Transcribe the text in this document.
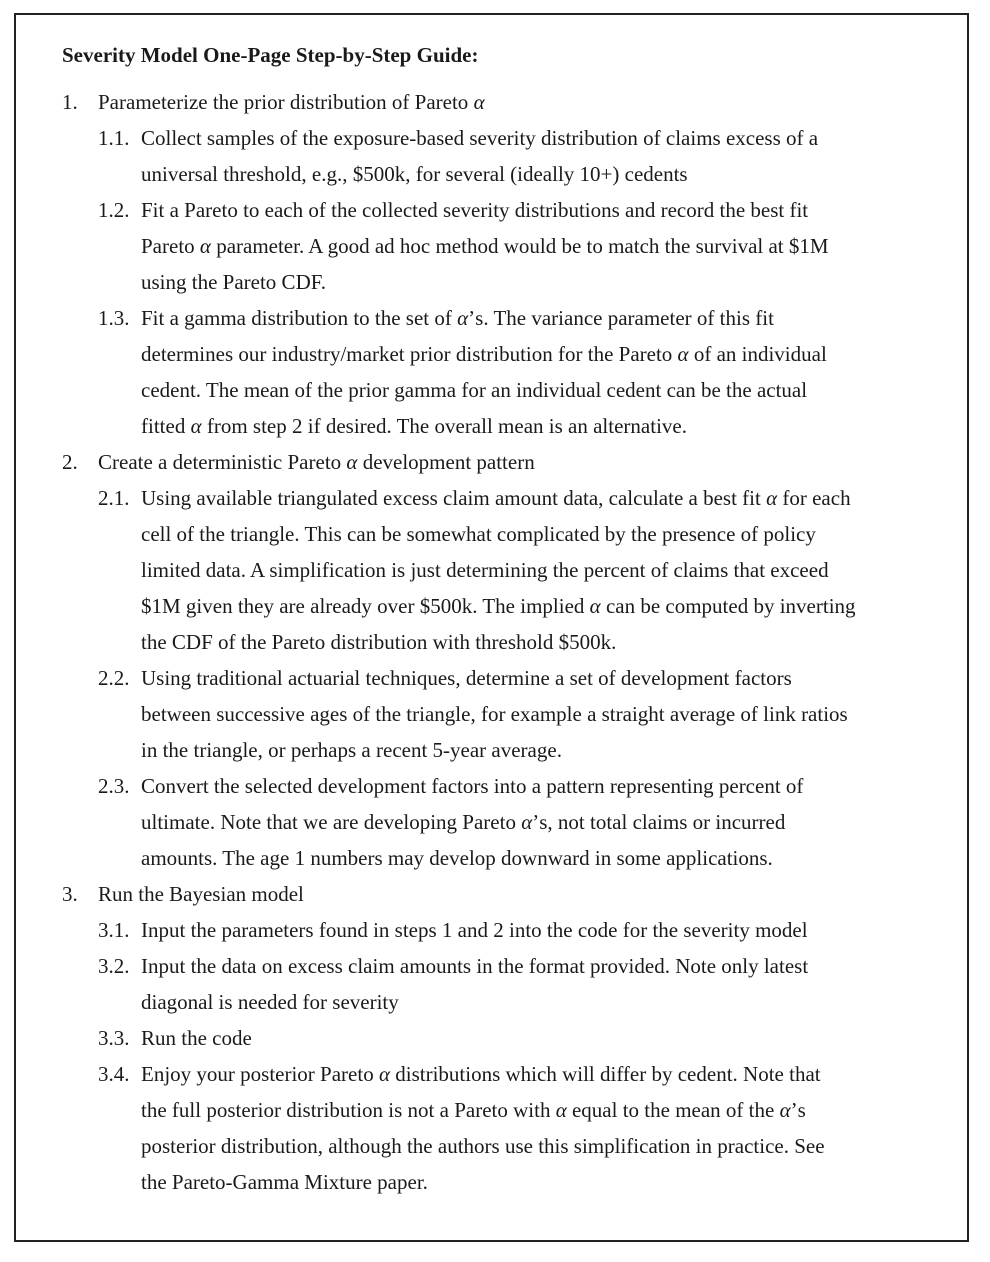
Severity Model One-Page Step-by-Step Guide:
1. Parameterize the prior distribution of Pareto α
1.1. Collect samples of the exposure-based severity distribution of claims excess of a
universal threshold, e.g., $500k, for several (ideally 10+) cedents
1.2. Fit a Pareto to each of the collected severity distributions and record the best fit
Pareto α parameter. A good ad hoc method would be to match the survival at $1M
using the Pareto CDF.
1.3. Fit a gamma distribution to the set of α’s. The variance parameter of this fit
determines our industry/market prior distribution for the Pareto α of an individual
cedent. The mean of the prior gamma for an individual cedent can be the actual
fitted α from step 2 if desired. The overall mean is an alternative.
2. Create a deterministic Pareto α development pattern
2.1. Using available triangulated excess claim amount data, calculate a best fit α for each
cell of the triangle. This can be somewhat complicated by the presence of policy
limited data. A simplification is just determining the percent of claims that exceed
$1M given they are already over $500k. The implied α can be computed by inverting
the CDF of the Pareto distribution with threshold $500k.
2.2. Using traditional actuarial techniques, determine a set of development factors
between successive ages of the triangle, for example a straight average of link ratios
in the triangle, or perhaps a recent 5-year average.
2.3. Convert the selected development factors into a pattern representing percent of
ultimate. Note that we are developing Pareto α’s, not total claims or incurred
amounts. The age 1 numbers may develop downward in some applications.
3. Run the Bayesian model
3.1. Input the parameters found in steps 1 and 2 into the code for the severity model
3.2. Input the data on excess claim amounts in the format provided. Note only latest
diagonal is needed for severity
3.3. Run the code
3.4. Enjoy your posterior Pareto α distributions which will differ by cedent. Note that
the full posterior distribution is not a Pareto with α equal to the mean of the α’s
posterior distribution, although the authors use this simplification in practice. See
the Pareto-Gamma Mixture paper.
